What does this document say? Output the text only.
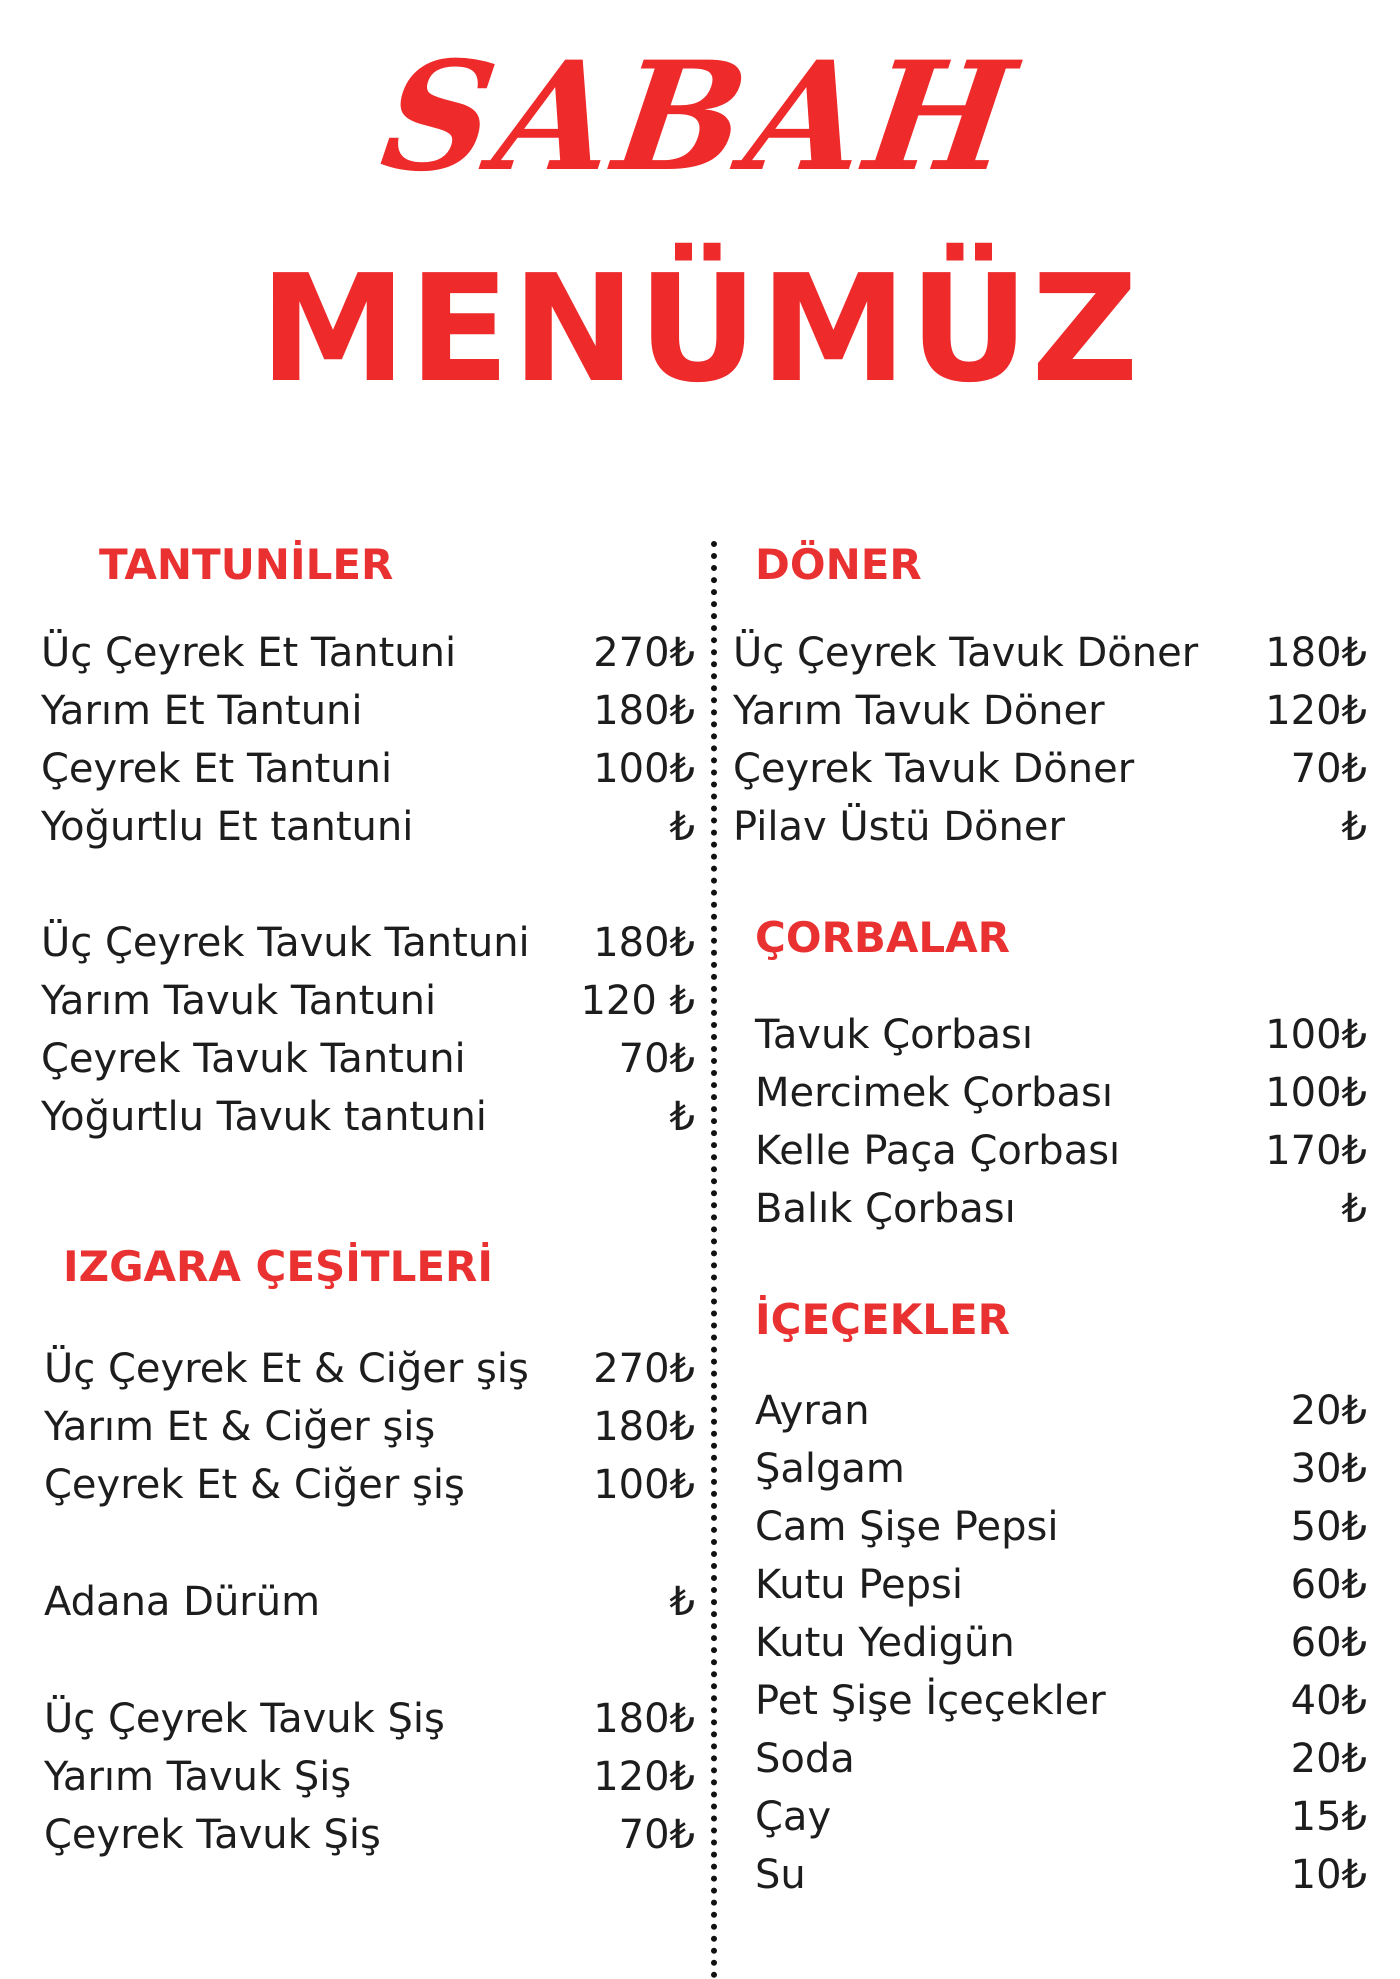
SABAH
MENÜMÜZ
TANTUNİLER
Üç Çeyrek Et Tantuni	270₺
Yarım Et Tantuni	180₺
Çeyrek Et Tantuni	100₺
Yoğurtlu Et tantuni	₺
Üç Çeyrek Tavuk Tantuni 180₺
Yarım Tavuk Tantuni	120 ₺
Çeyrek Tavuk Tantuni	70₺
Yoğurtlu Tavuk tantuni	₺
IZGARA ÇEŞİTLERİ
Üç Çeyrek Et & Ciğer şiş 270₺
Yarım Et & Ciğer şiş	180₺
Çeyrek Et & Ciğer şiş	100₺
Adana Dürüm	₺
Üç Çeyrek Tavuk Şiş	180₺
Yarım Tavuk Şiş	120₺
Çeyrek Tavuk Şiş	70₺
DÖNER
Üç Çeyrek Tavuk Döner 180₺
Yarım Tavuk Döner	120₺
Çeyrek Tavuk Döner	70₺
Pilav Üstü Döner	₺
ÇORBALAR
Tavuk Çorbası	100₺
Mercimek Çorbası	100₺
Kelle Paça Çorbası	170₺
Balık Çorbası	₺
İÇEÇEKLER
Ayran	20₺
Şalgam	30₺
Cam Şişe Pepsi	50₺
Kutu Pepsi	60₺
Kutu Yedigün	60₺
Pet Şişe İçeçekler	40₺
Soda	20₺
Çay	15₺
Su	10₺
